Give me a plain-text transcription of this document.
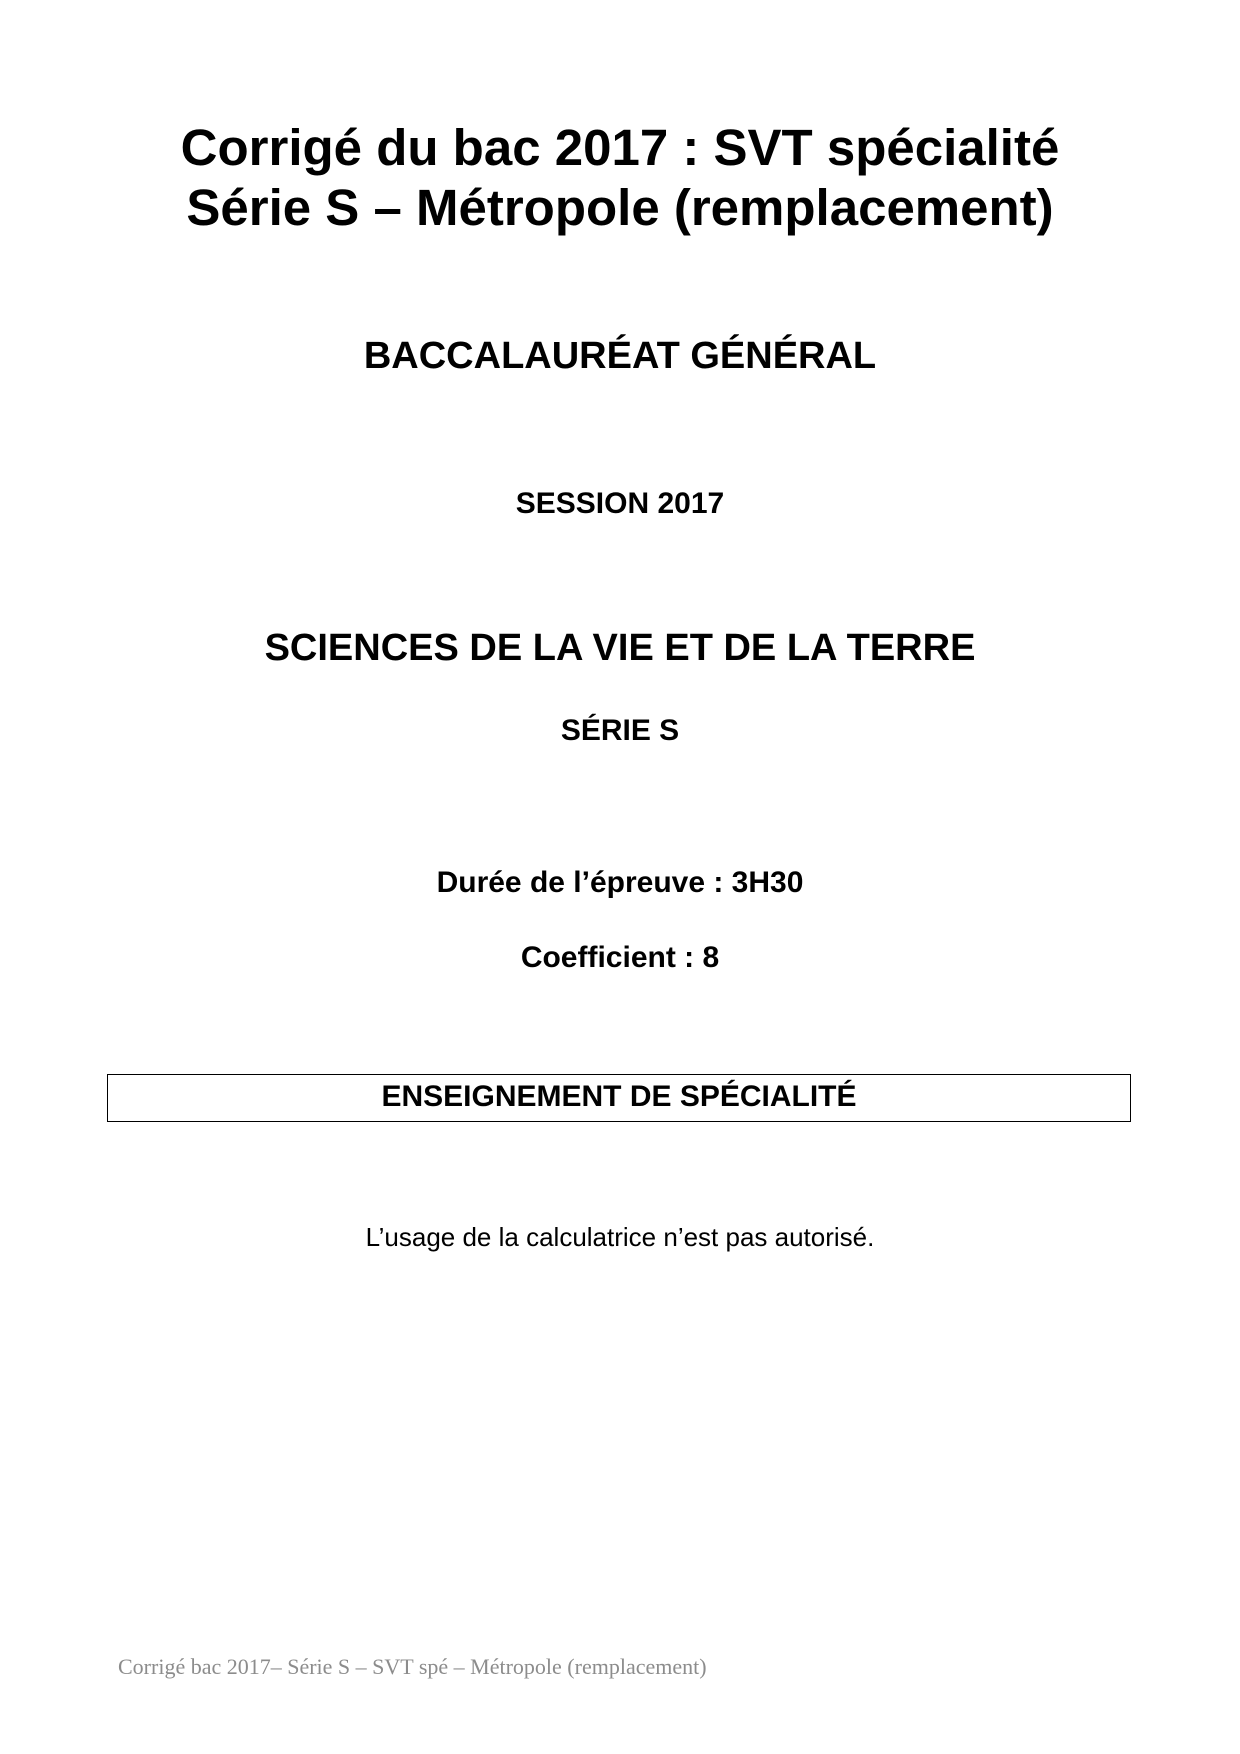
Corrigé du bac 2017 : SVT spécialité
Série S – Métropole (remplacement)
BACCALAURÉAT GÉNÉRAL
SESSION 2017
SCIENCES DE LA VIE ET DE LA TERRE
SÉRIE S
Durée de l’épreuve : 3H30
Coefficient : 8
ENSEIGNEMENT DE SPÉCIALITÉ
L’usage de la calculatrice n’est pas autorisé.
Corrigé bac 2017– Série S – SVT spé – Métropole (remplacement)
